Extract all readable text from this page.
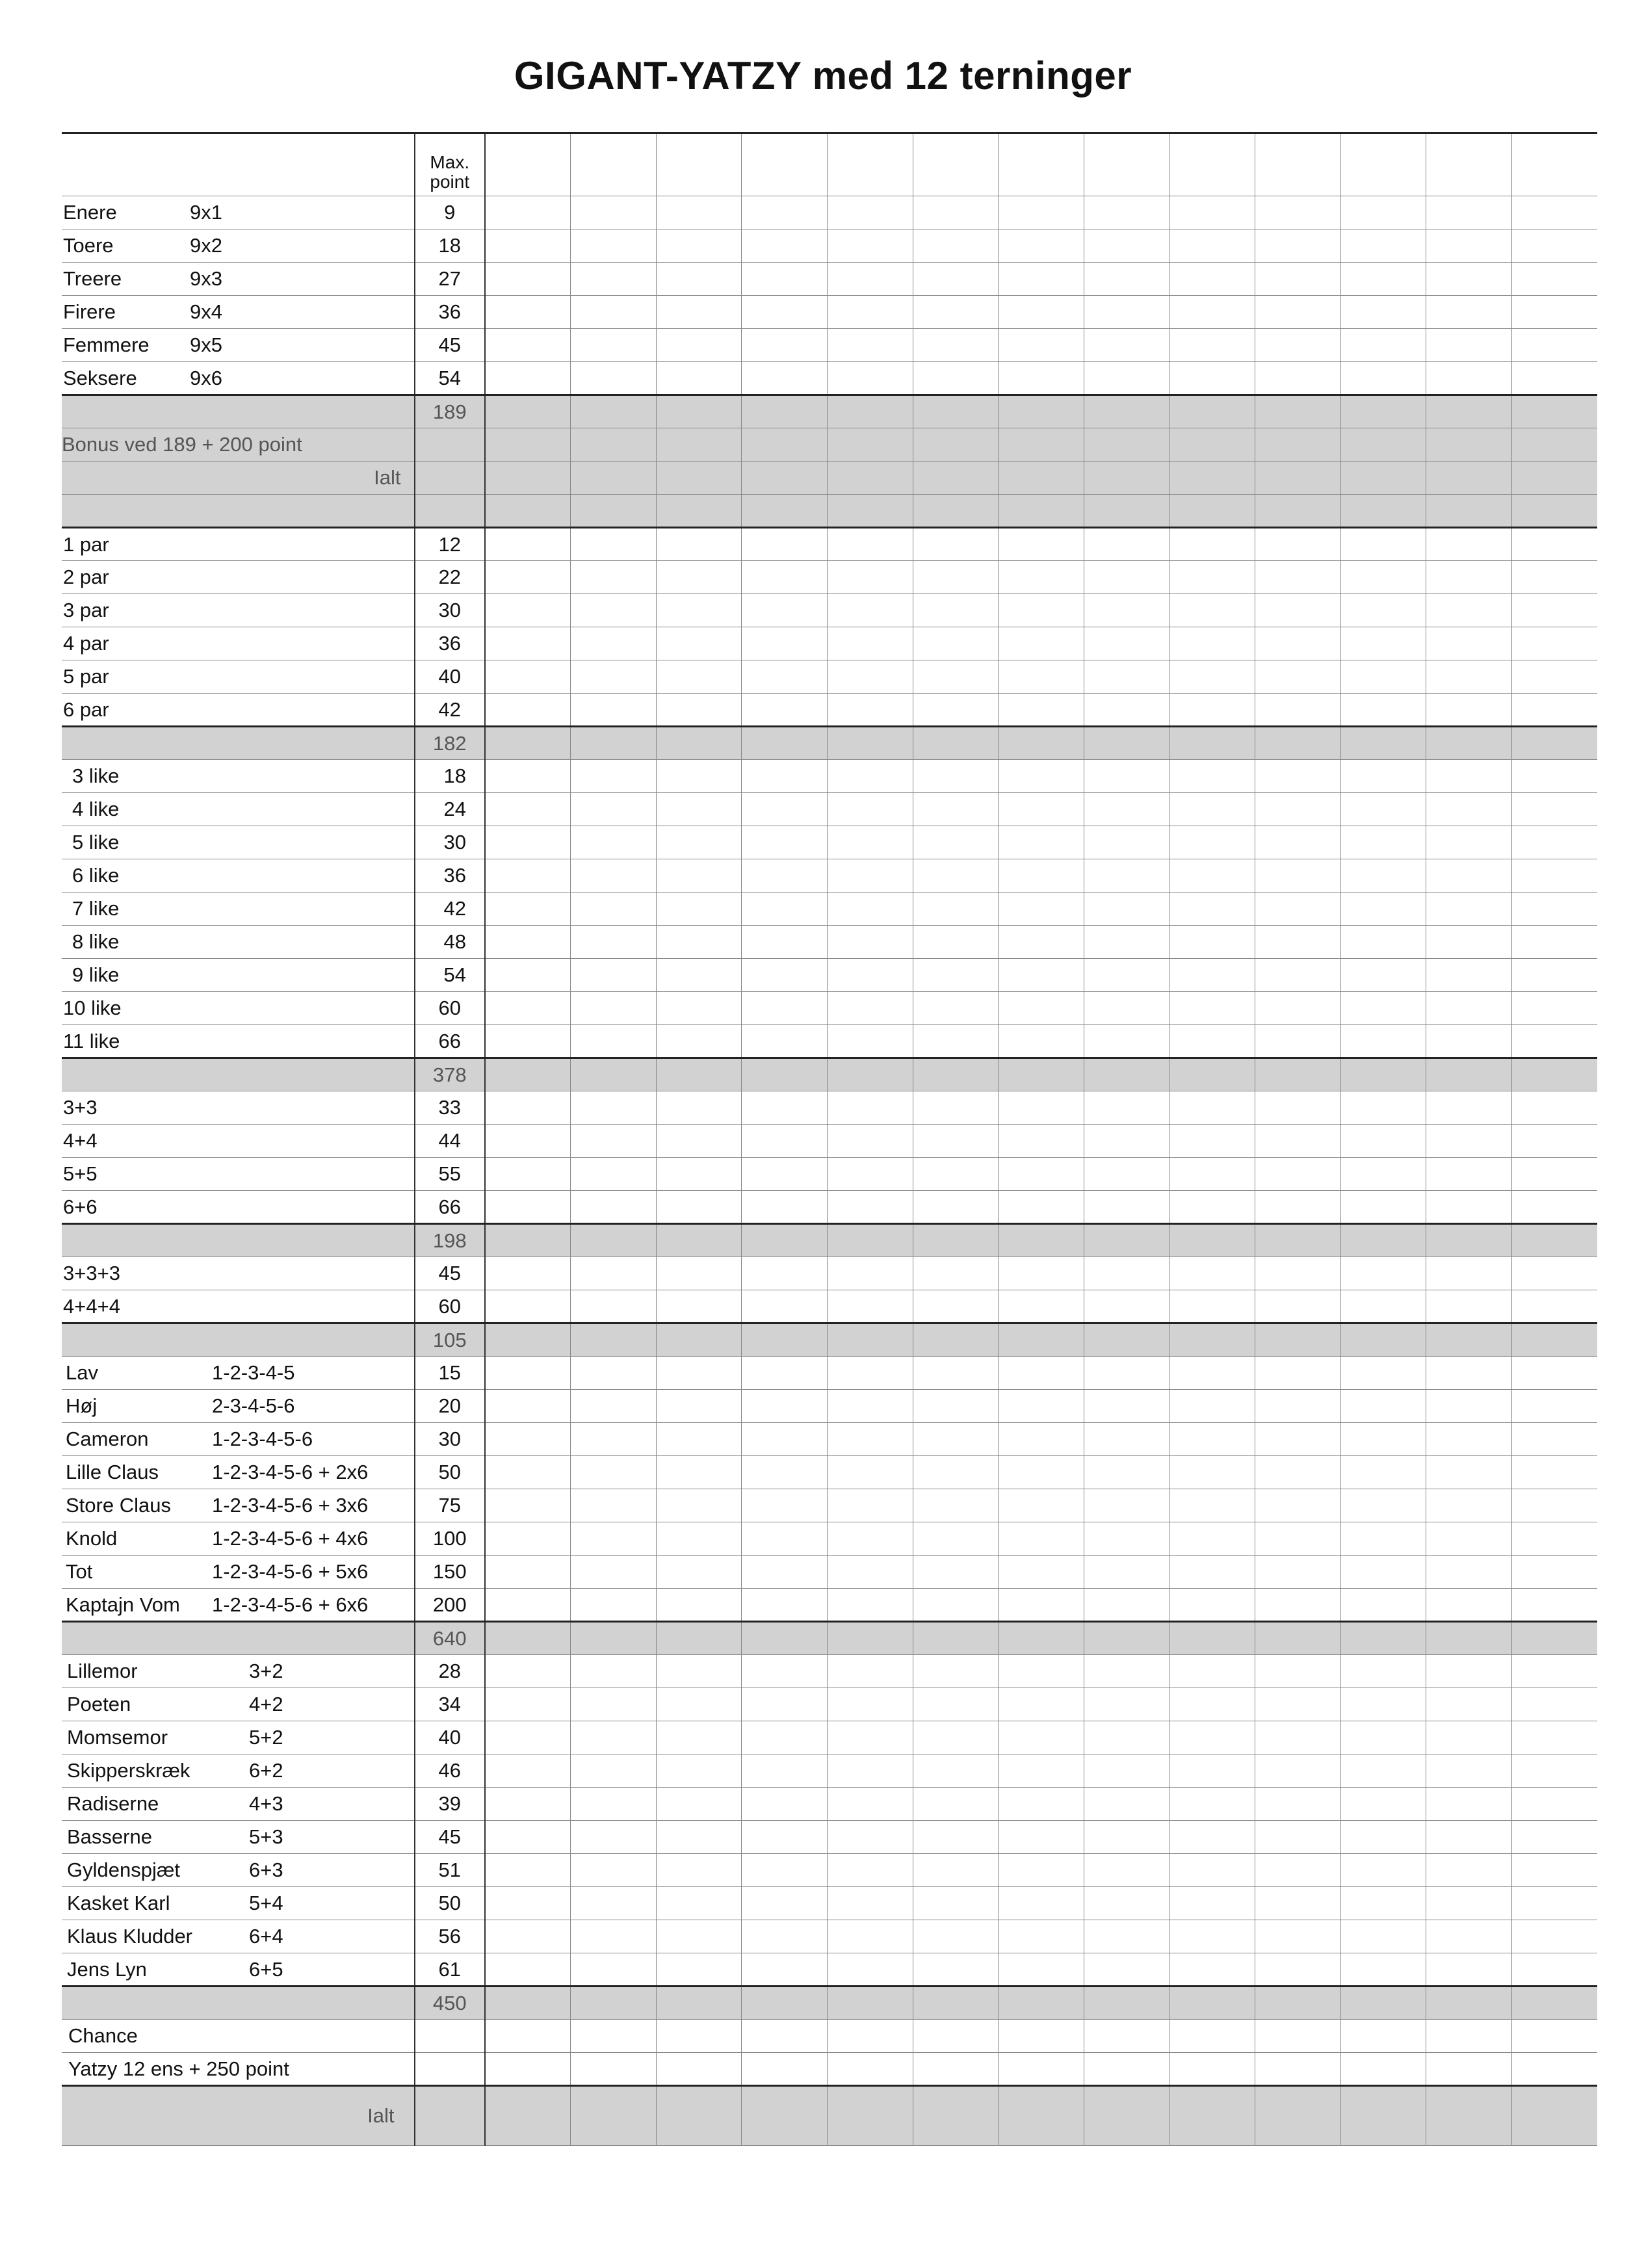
GIGANT-YATZY med 12 terninger

	Max.
point													

Enere 9x1	9													

Toere 9x2	18													

Treere 9x3	27													

Firere 9x4	36													

Femmere 9x5	45													

Seksere 9x6	54													
	189													
Bonus ved 189 + 200 point														
Ialt														

1 par	12													

2 par	22													

3 par	30													

4 par	36													

5 par	40													

6 par	42													
	182													

3 like	18													

4 like	24													

5 like	30													

6 like	36													

7 like	42													

8 like	48													

9 like	54													

10 like	60													

11 like	66													
	378													

3+3	33													

4+4	44													

5+5	55													

6+6	66													
	198													

3+3+3	45													

4+4+4	60													
	105													

Lav 1-2-3-4-5	15													

Høj 2-3-4-5-6	20													

Cameron 1-2-3-4-5-6	30													

Lille Claus 1-2-3-4-5-6 + 2x6	50													

Store Claus 1-2-3-4-5-6 + 3x6	75													

Knold 1-2-3-4-5-6 + 4x6	100													

Tot 1-2-3-4-5-6 + 5x6	150													

Kaptajn Vom 1-2-3-4-5-6 + 6x6	200													
	640													

Lillemor 3+2	28													

Poeten 4+2	34													

Momsemor 5+2	40													

Skipperskræk 6+2	46													

Radiserne 4+3	39													

Basserne 5+3	45													

Gyldenspjæt 6+3	51													

Kasket Karl 5+4	50													

Klaus Kludder 6+4	56													

Jens Lyn 6+5	61													
	450													
Chance														
Yatzy 12 ens + 250 point														
Ialt														
